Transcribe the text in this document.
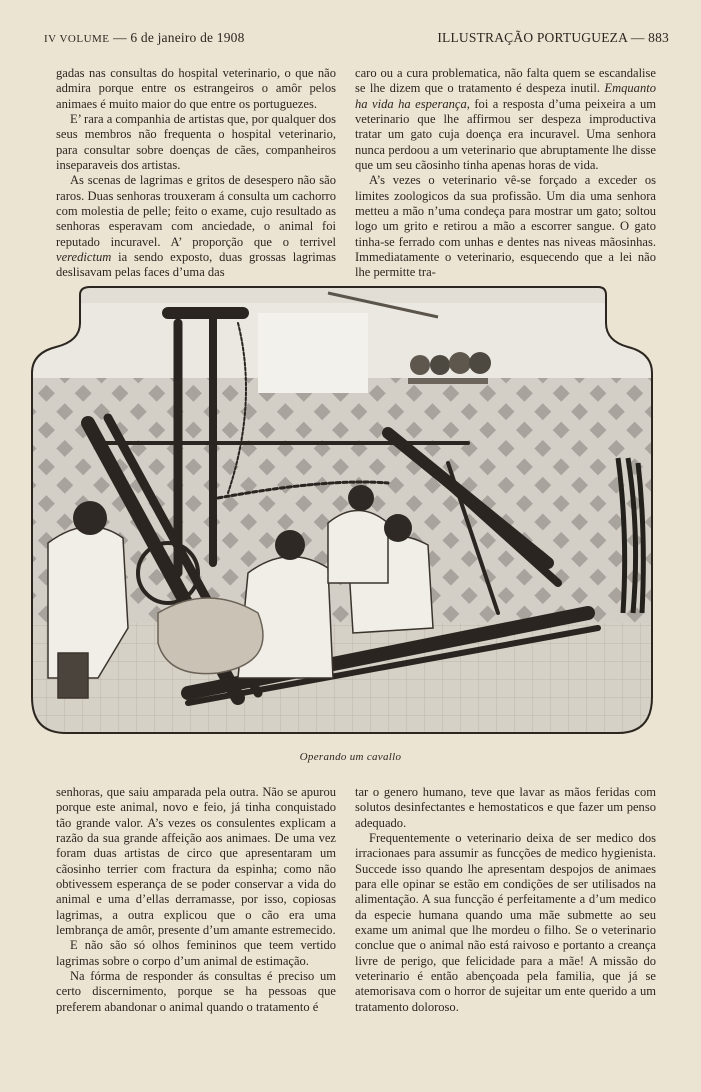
IV VOLUME — 6 de janeiro de 1908	ILLUSTRAÇÃO PORTUGUEZA — 883

gadas nas consultas do hospital veterinario, o que não admira porque entre os estrangeiros o amôr pelos animaes é muito maior do que entre os portuguezes.

E’ rara a companhia de artistas que, por qualquer dos seus membros não frequenta o hospital veterinario, para consultar sobre doenças de cães, companheiros inseparaveis dos artistas.

As scenas de lagrimas e gritos de desespero não são raros. Duas senhoras trouxeram á consulta um cachorro com molestia de pelle; feito o exame, cujo resultado as senhoras esperavam com anciedade, o animal foi reputado incuravel. A’ proporção que o terrivel veredictum ia sendo exposto, duas grossas lagrimas deslisavam pelas faces d’uma das

caro ou a cura problematica, não falta quem se escandalise se lhe dizem que o tratamento é despeza inutil. Emquanto ha vida ha esperança, foi a resposta d’uma peixeira a um veterinario que lhe affirmou ser despeza improductiva tratar um gato cuja doença era incuravel. Uma senhora nunca perdoou a um veterinario que abruptamente lhe disse que um seu cãosinho tinha apenas horas de vida.

A’s vezes o veterinario vê-se forçado a exceder os limites zoologicos da sua profissão. Um dia uma senhora metteu a mão n’uma condeça para mostrar um gato; soltou logo um grito e retirou a mão a escorrer sangue. O gato tinha-se ferrado com unhas e dentes nas niveas mãosinhas. Immediatamente o veterinario, esquecendo que a lei não lhe permitte tra-

Operando um cavallo

senhoras, que saiu amparada pela outra. Não se apurou porque este animal, novo e feio, já tinha conquistado tão grande valor. A’s vezes os consulentes explicam a razão da sua grande affeição aos animaes. De uma vez foram duas artistas de circo que apresentaram um cãosinho terrier com fractura da espinha; como não obtivessem esperança de se poder conservar a vida do animal e uma d’ellas derramasse, por isso, copiosas lagrimas, a outra explicou que o cão era uma lembrança de amôr, presente d’um amante estremecido.

E não são só olhos femininos que teem vertido lagrimas sobre o corpo d’um animal de estimação.

Na fórma de responder ás consultas é preciso um certo discernimento, porque se ha pessoas que preferem abandonar o animal quando o tratamento é

tar o genero humano, teve que lavar as mãos feridas com solutos desinfectantes e hemostaticos e que fazer um penso adequado.

Frequentemente o veterinario deixa de ser medico dos irracionaes para assumir as funcções de medico hygienista. Succede isso quando lhe apresentam despojos de animaes para elle opinar se estão em condições de ser utilisados na alimentação. A sua funcção é perfeitamente a d’um medico da especie humana quando uma mãe submette ao seu exame um animal que lhe mordeu o filho. Se o veterinario conclue que o animal não está raivoso e portanto a creança livre de perigo, que felicidade para a mãe! A missão do veterinario é então abençoada pela familia, que já se atemorisava com o horror de sujeitar um ente querido a um tratamento doloroso.
